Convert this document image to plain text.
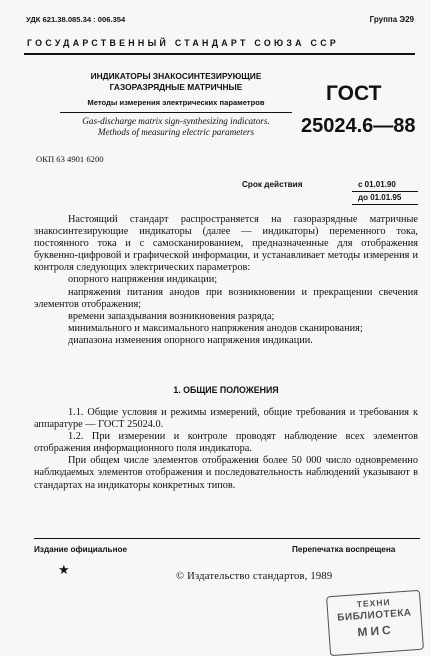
УДК 621.38.085.34 : 006.354	Группа Э29
ГОСУДАРСТВЕННЫЙ СТАНДАРТ СОЮЗА ССР
ИНДИКАТОРЫ ЗНАКОСИНТЕЗИРУЮЩИЕ
ГАЗОРАЗРЯДНЫЕ МАТРИЧНЫЕ
Методы измерения электрических параметров
Gas-discharge matrix sign-synthesizing indicators.
Methods of measuring electric parameters
ГОСТ
25024.6—88
ОКП 63 4901 6200
Срок действия	с 01.01.90
до 01.01.95

Настоящий стандарт распространяется на газоразрядные матричные знакосинтезирующие индикаторы (далее — индикаторы) переменного тока, постоянного тока и с самосканированием, предназначенные для отображения буквенно-цифровой и графической информации, и устанавливает методы измерения и контроля следующих электрических параметров:

опорного напряжения индикации;

напряжения питания анодов при возникновении и прекращении свечения элементов отображения;

времени запаздывания возникновения разряда;

минимального и максимального напряжения анодов сканирования;

диапазона изменения опорного напряжения индикации.

1. ОБЩИЕ ПОЛОЖЕНИЯ

1.1. Общие условия и режимы измерений, общие требования и требования к аппаратуре — ГОСТ 25024.0.

1.2. При измерении и контроле проводят наблюдение всех элементов отображения информационного поля индикатора.

При общем числе элементов отображения более 50 000 число одновременно наблюдаемых элементов отображения и последовательность наблюдений указывают в стандартах на индикаторы конкретных типов.

Издание официальное	Перепечатка воспрещена
★	© Издательство стандартов, 1989
ТЕХНИ
БИБЛИОТЕКА
МИС
